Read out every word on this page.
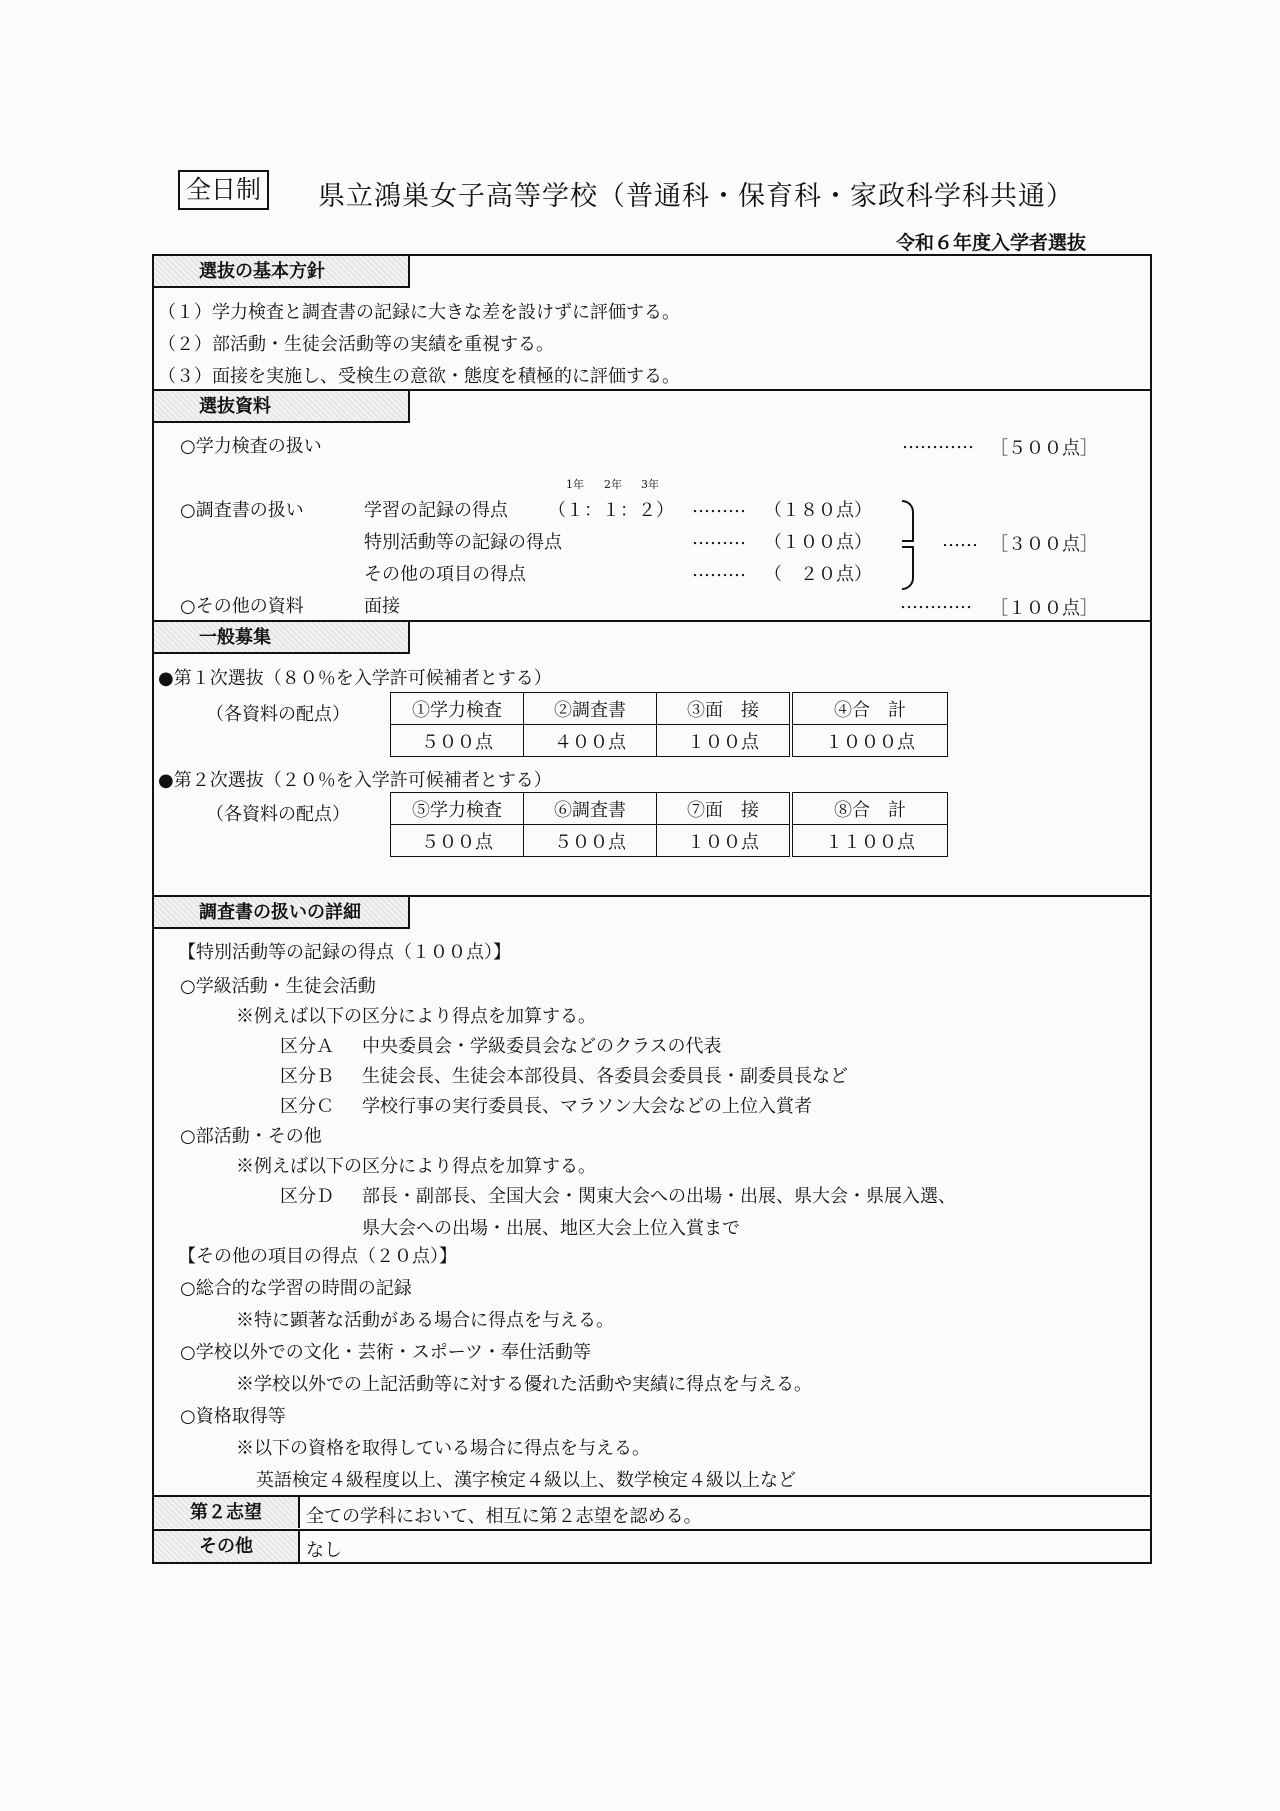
全日制 県立鴻巣女子高等学校（普通科・保育科・家政科学科共通）
令和６年度入学者選抜
選抜の基本方針
（１）学力検査と調査書の記録に大きな差を設けずに評価する。
（２）部活動・生徒会活動等の実績を重視する。
（３）面接を実施し、受検生の意欲・態度を積極的に評価する。
選抜資料
○学力検査の扱い	………… ［５００点］
1年 2年 3年
○調査書の扱い	学習の記録の得点 （１：１：２） ……… （１８０点）
特別活動等の記録の得点	……… （１００点）
その他の項目の得点	……… （　２０点）
…… ［３００点］
○その他の資料	面接	………… ［１００点］
一般募集
●第１次選抜（８０％を入学許可候補者とする）
（各資料の配点）	①学力検査	②調査書	③面　接		④合　計
５００点	４００点	１００点		１０００点
●第２次選抜（２０％を入学許可候補者とする）
（各資料の配点）	⑤学力検査	⑥調査書	⑦面　接		⑧合　計
５００点	５００点	１００点		１１００点
調査書の扱いの詳細
【特別活動等の記録の得点（１００点）】
○学級活動・生徒会活動
※例えば以下の区分により得点を加算する。
区分Ａ 中央委員会・学級委員会などのクラスの代表
区分Ｂ 生徒会長、生徒会本部役員、各委員会委員長・副委員長など
区分Ｃ 学校行事の実行委員長、マラソン大会などの上位入賞者
○部活動・その他
※例えば以下の区分により得点を加算する。
区分Ｄ 部長・副部長、全国大会・関東大会への出場・出展、県大会・県展入選、
県大会への出場・出展、地区大会上位入賞まで
【その他の項目の得点（２０点）】
○総合的な学習の時間の記録
※特に顕著な活動がある場合に得点を与える。
○学校以外での文化・芸術・スポーツ・奉仕活動等
※学校以外での上記活動等に対する優れた活動や実績に得点を与える。
○資格取得等
※以下の資格を取得している場合に得点を与える。
英語検定４級程度以上、漢字検定４級以上、数学検定４級以上など
第２志望	全ての学科において、相互に第２志望を認める。
その他	なし
